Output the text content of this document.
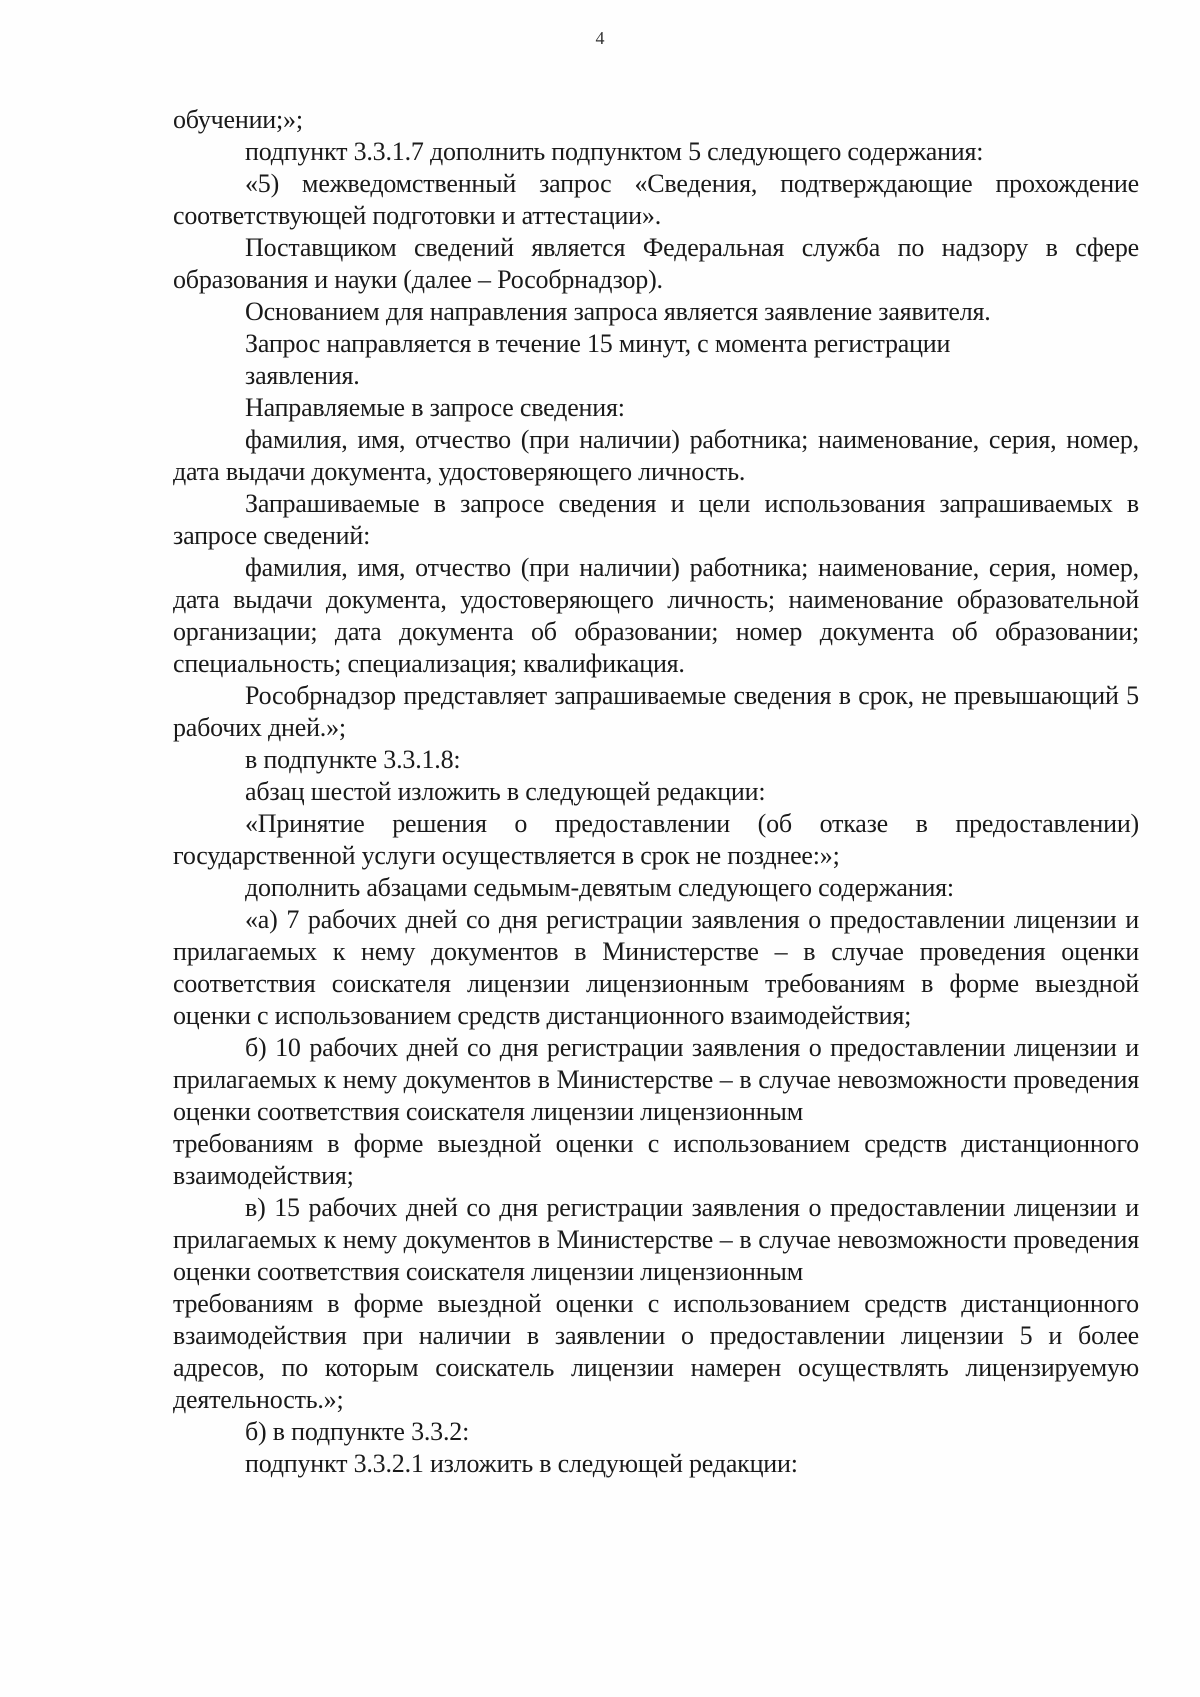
4

обучении;»;

подпункт 3.3.1.7 дополнить подпунктом 5 следующего содержания:

«5) межведомственный запрос «Сведения, подтверждающие прохождение соответствующей подготовки и аттестации».

Поставщиком сведений является Федеральная служба по надзору в сфере образования и науки (далее – Рособрнадзор).

Основанием для направления запроса является заявление заявителя.

Запрос направляется в течение 15 минут, с момента регистрации

заявления.

Направляемые в запросе сведения:

фамилия, имя, отчество (при наличии) работника; наименование, серия, номер, дата выдачи документа, удостоверяющего личность.

Запрашиваемые в запросе сведения и цели использования запрашиваемых в запросе сведений:

фамилия, имя, отчество (при наличии) работника; наименование, серия, номер, дата выдачи документа, удостоверяющего личность; наименование образовательной организации; дата документа об образовании; номер документа об образовании; специальность; специализация; квалификация.

Рособрнадзор представляет запрашиваемые сведения в срок, не превышающий 5 рабочих дней.»;

в подпункте 3.3.1.8:

абзац шестой изложить в следующей редакции:

«Принятие решения о предоставлении (об отказе в предоставлении) государственной услуги осуществляется в срок не позднее:»;

дополнить абзацами седьмым-девятым следующего содержания:

«а) 7 рабочих дней со дня регистрации заявления о предоставлении лицензии и прилагаемых к нему документов в Министерстве – в случае проведения оценки соответствия соискателя лицензии лицензионным требованиям в форме выездной оценки с использованием средств дистанционного взаимодействия;

б) 10 рабочих дней со дня регистрации заявления о предоставлении лицензии и прилагаемых к нему документов в Министерстве – в случае невозможности проведения оценки соответствия соискателя лицензии лицензионным

требованиям в форме выездной оценки с использованием средств дистанционного взаимодействия;

в) 15 рабочих дней со дня регистрации заявления о предоставлении лицензии и прилагаемых к нему документов в Министерстве – в случае невозможности проведения оценки соответствия соискателя лицензии лицензионным

требованиям в форме выездной оценки с использованием средств дистанционного взаимодействия при наличии в заявлении о предоставлении лицензии 5 и более адресов, по которым соискатель лицензии намерен осуществлять лицензируемую деятельность.»;

б) в подпункте 3.3.2:

подпункт 3.3.2.1 изложить в следующей редакции:
